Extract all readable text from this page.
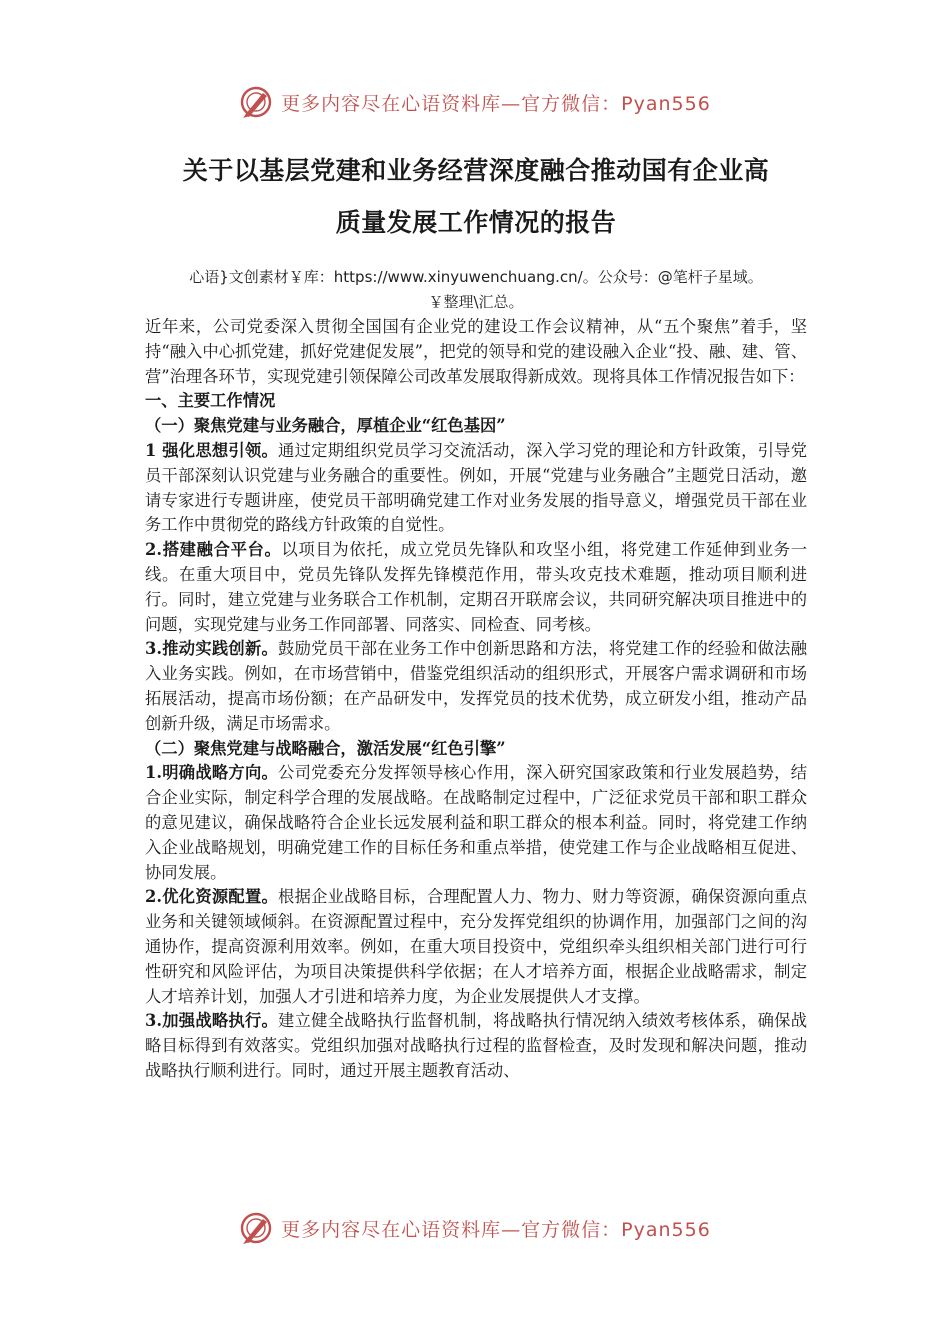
更多内容尽在心语资料库—官方微信：Pyan556

关于以基层党建和业务经营深度融合推动国有企业高
质量发展工作情况的报告

心语}文创素材￥库：https://www.xinyuwenchuang.cn/。公众号：@笔杆子星域。
￥整理\汇总。

近年来，公司党委深入贯彻全国国有企业党的建设工作会议精神，从“五个聚焦”着手，坚持“融入中心抓党建，抓好党建促发展”，把党的领导和党的建设融入企业“投、融、建、管、营”治理各环节，实现党建引领保障公司改革发展取得新成效。现将具体工作情况报告如下：

一、主要工作情况

（一）聚焦党建与业务融合，厚植企业“红色基因”

1 强化思想引领。通过定期组织党员学习交流活动，深入学习党的理论和方针政策，引导党员干部深刻认识党建与业务融合的重要性。例如，开展“党建与业务融合”主题党日活动，邀请专家进行专题讲座，使党员干部明确党建工作对业务发展的指导意义，增强党员干部在业务工作中贯彻党的路线方针政策的自觉性。

2.搭建融合平台。以项目为依托，成立党员先锋队和攻坚小组，将党建工作延伸到业务一线。在重大项目中，党员先锋队发挥先锋模范作用，带头攻克技术难题，推动项目顺利进行。同时，建立党建与业务联合工作机制，定期召开联席会议，共同研究解决项目推进中的问题，实现党建与业务工作同部署、同落实、同检查、同考核。

3.推动实践创新。鼓励党员干部在业务工作中创新思路和方法，将党建工作的经验和做法融入业务实践。例如，在市场营销中，借鉴党组织活动的组织形式，开展客户需求调研和市场拓展活动，提高市场份额；在产品研发中，发挥党员的技术优势，成立研发小组，推动产品创新升级，满足市场需求。

（二）聚焦党建与战略融合，激活发展“红色引擎”

1.明确战略方向。公司党委充分发挥领导核心作用，深入研究国家政策和行业发展趋势，结合企业实际，制定科学合理的发展战略。在战略制定过程中，广泛征求党员干部和职工群众的意见建议，确保战略符合企业长远发展利益和职工群众的根本利益。同时，将党建工作纳入企业战略规划，明确党建工作的目标任务和重点举措，使党建工作与企业战略相互促进、协同发展。

2.优化资源配置。根据企业战略目标，合理配置人力、物力、财力等资源，确保资源向重点业务和关键领域倾斜。在资源配置过程中，充分发挥党组织的协调作用，加强部门之间的沟通协作，提高资源利用效率。例如，在重大项目投资中，党组织牵头组织相关部门进行可行性研究和风险评估，为项目决策提供科学依据；在人才培养方面，根据企业战略需求，制定人才培养计划，加强人才引进和培养力度，为企业发展提供人才支撑。

3.加强战略执行。建立健全战略执行监督机制，将战略执行情况纳入绩效考核体系，确保战略目标得到有效落实。党组织加强对战略执行过程的监督检查，及时发现和解决问题，推动战略执行顺利进行。同时，通过开展主题教育活动、

更多内容尽在心语资料库—官方微信：Pyan556
